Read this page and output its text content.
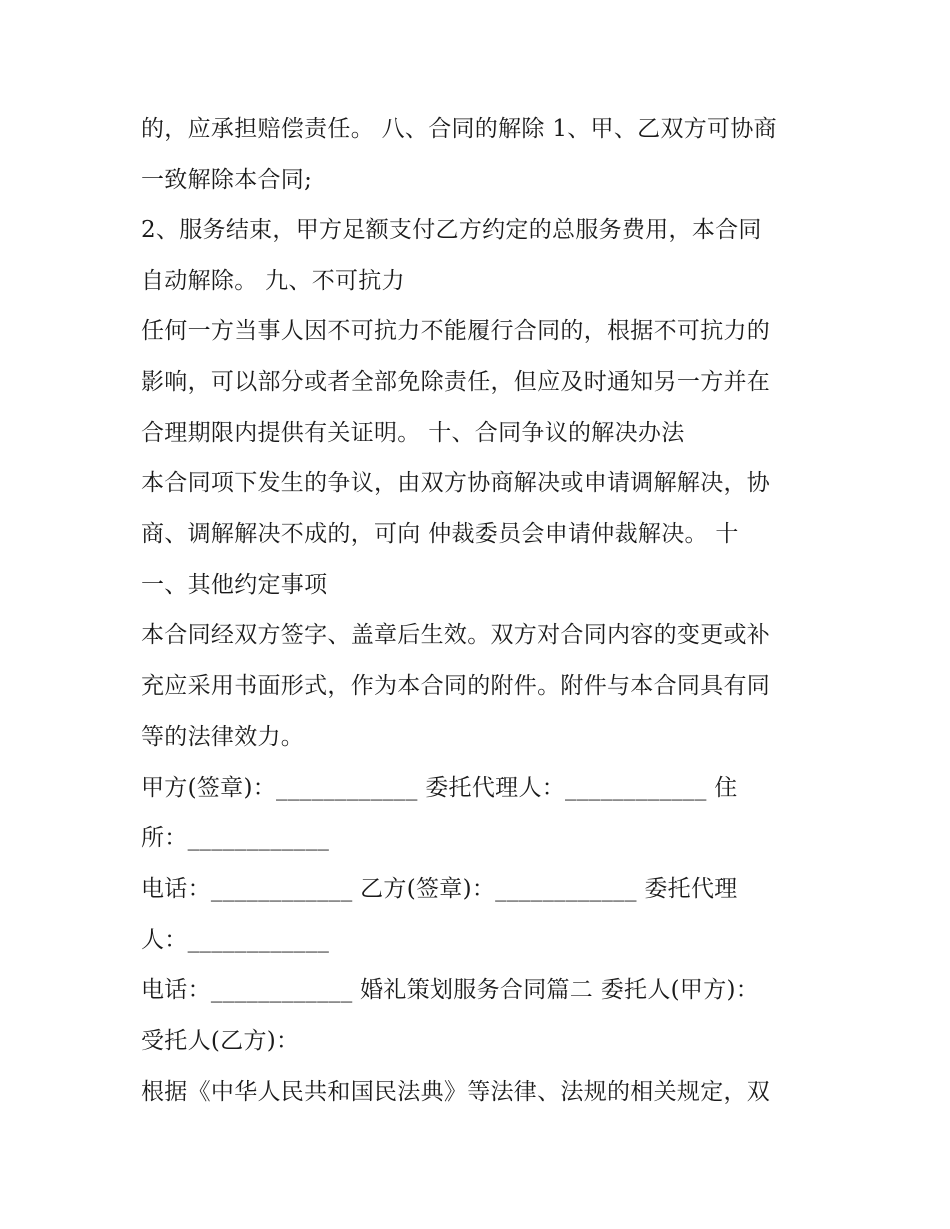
的，应承担赔偿责任。 八、合同的解除 1、甲、乙双方可协商
一致解除本合同;
2、服务结束，甲方足额支付乙方约定的总服务费用，本合同
自动解除。 九、不可抗力
任何一方当事人因不可抗力不能履行合同的，根据不可抗力的
影响，可以部分或者全部免除责任，但应及时通知另一方并在
合理期限内提供有关证明。 十、合同争议的解决办法
本合同项下发生的争议，由双方协商解决或申请调解解决，协
商、调解解决不成的，可向 仲裁委员会申请仲裁解决。 十
一、其他约定事项
本合同经双方签字、盖章后生效。双方对合同内容的变更或补
充应采用书面形式，作为本合同的附件。附件与本合同具有同
等的法律效力。
甲方(签章)：____________ 委托代理人：____________ 住
所：____________
电话：____________ 乙方(签章)：____________ 委托代理
人：____________
电话：____________ 婚礼策划服务合同篇二 委托人(甲方)：
受托人(乙方)：
根据《中华人民共和国民法典》等法律、法规的相关规定，双
